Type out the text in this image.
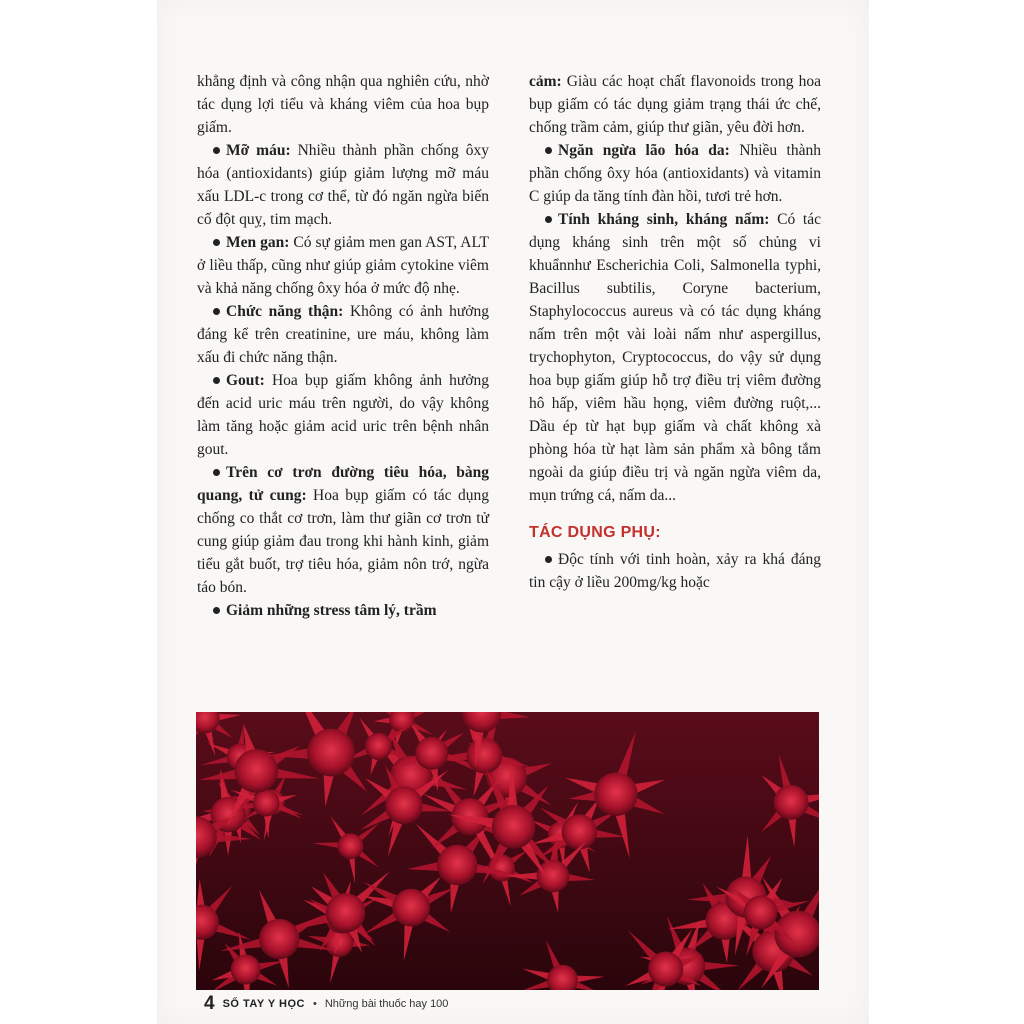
khẳng định và công nhận qua nghiên cứu, nhờ tác dụng lợi tiểu và kháng viêm của hoa bụp giấm.

Mỡ máu: Nhiều thành phần chống ôxy hóa (antioxidants) giúp giảm lượng mỡ máu xấu LDL-c trong cơ thể, từ đó ngăn ngừa biến cố đột quỵ, tim mạch.

Men gan: Có sự giảm men gan AST, ALT ở liều thấp, cũng như giúp giảm cytokine viêm và khả năng chống ôxy hóa ở mức độ nhẹ.

Chức năng thận: Không có ảnh hưởng đáng kể trên creatinine, ure máu, không làm xấu đi chức năng thận.

Gout: Hoa bụp giấm không ảnh hưởng đến acid uric máu trên người, do vậy không làm tăng hoặc giảm acid uric trên bệnh nhân gout.

Trên cơ trơn đường tiêu hóa, bàng quang, tử cung: Hoa bụp giấm có tác dụng chống co thắt cơ trơn, làm thư giãn cơ trơn tử cung giúp giảm đau trong khi hành kinh, giảm tiểu gắt buốt, trợ tiêu hóa, giảm nôn trớ, ngừa táo bón.

Giảm những stress tâm lý, trầm

cảm: Giàu các hoạt chất flavonoids trong hoa bụp giấm có tác dụng giảm trạng thái ức chế, chống trầm cảm, giúp thư giãn, yêu đời hơn.

Ngăn ngừa lão hóa da: Nhiều thành phần chống ôxy hóa (antioxidants) và vitamin C giúp da tăng tính đàn hồi, tươi trẻ hơn.

Tính kháng sinh, kháng nấm: Có tác dụng kháng sinh trên một số chủng vi khuẩnnhư Escherichia Coli, Salmonella typhi, Bacillus subtilis, Coryne bacterium, Staphylococcus aureus và có tác dụng kháng nấm trên một vài loài nấm như aspergillus, trychophyton, Cryptococcus, do vậy sử dụng hoa bụp giấm giúp hỗ trợ điều trị viêm đường hô hấp, viêm hầu họng, viêm đường ruột,... Dầu ép từ hạt bụp giấm và chất không xà phòng hóa từ hạt làm sản phẩm xà bông tắm ngoài da giúp điều trị và ngăn ngừa viêm da, mụn trứng cá, nấm da...

TÁC DỤNG PHỤ:

Độc tính với tinh hoàn, xảy ra khá đáng tin cậy ở liều 200mg/kg hoặc

4 SỔ TAY Y HỌC • Những bài thuốc hay 100
